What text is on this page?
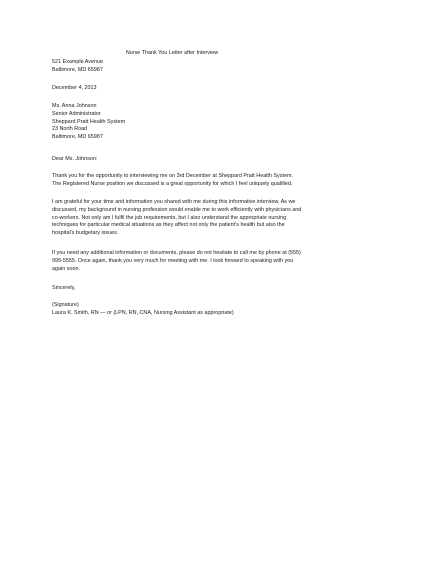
Nurse Thank You Letter after Interview
521 Example Avenue
Baltimore, MD 65987
December 4, 2013
Ms. Anna Johnson
Senior Administrator
Sheppard Pratt Health System
23 North Road
Baltimore, MD 65987
Dear Ms. Johnson:
Thank you for the opportunity to interviewing me on 3rd December at Sheppard Pratt Health System.
The Registered Nurse position we discussed is a great opportunity for which I feel uniquely qualified.
I am grateful for your time and information you shared with me during this informative interview. As we
discussed, my background in nursing profession would enable me to work efficiently with physicians and
co-workers. Not only am I fulfil the job requirements, but I also understand the appropriate nursing
techniques for particular medical situations as they affect not only the patient's health but also the
hospital's budgetary issues.
If you need any additional information or documents, please do not hesitate to call me by phone at (555)
999-5555. Once again, thank you very much for meeting with me. I look forward to speaking with you
again soon.
Sincerely,
(Signature)
Laura K. Smith, RN — or (LPN, RN, CNA, Nursing Assistant as appropriate)
